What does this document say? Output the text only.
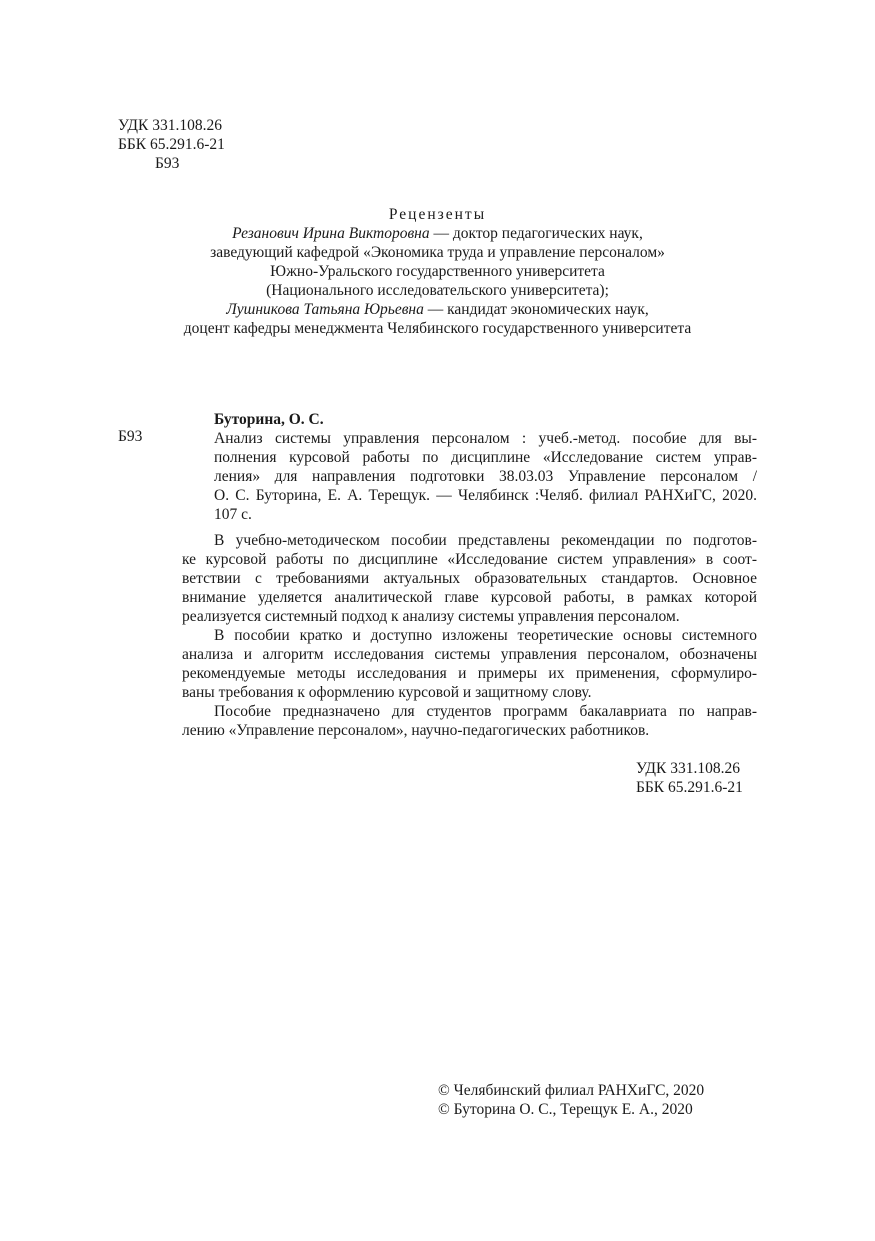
УДК 331.108.26
ББК 65.291.6-21
Б93
Рецензенты
Резанович Ирина Викторовна — доктор педагогических наук,
заведующий кафедрой «Экономика труда и управление персоналом»
Южно-Уральского государственного университета
(Национального исследовательского университета);
Лушникова Татьяна Юрьевна — кандидат экономических наук,
доцент кафедры менеджмента Челябинского государственного университета
Б93
Буторина, О. С.
Анализ системы управления персоналом : учеб.-метод. пособие для вы-
полнения курсовой работы по дисциплине «Исследование систем управ-
ления» для направления подготовки 38.03.03 Управление персоналом /
О. С. Буторина, Е. А. Терещук. — Челябинск :Челяб. филиал РАНХиГС, 2020.
107 с.

В учебно-методическом пособии представлены рекомендации по подготов-
ке курсовой работы по дисциплине «Исследование систем управления» в соот-
ветствии с требованиями актуальных образовательных стандартов. Основное
внимание уделяется аналитической главе курсовой работы, в рамках которой
реализуется системный подход к анализу системы управления персоналом.

В пособии кратко и доступно изложены теоретические основы системного
анализа и алгоритм исследования системы управления персоналом, обозначены
рекомендуемые методы исследования и примеры их применения, сформулиро-
ваны требования к оформлению курсовой и защитному слову.

Пособие предназначено для студентов программ бакалавриата по направ-
лению «Управление персоналом», научно-педагогических работников.

УДК 331.108.26
ББК 65.291.6-21
© Челябинский филиал РАНХиГС, 2020
© Буторина О. С., Терещук Е. А., 2020
